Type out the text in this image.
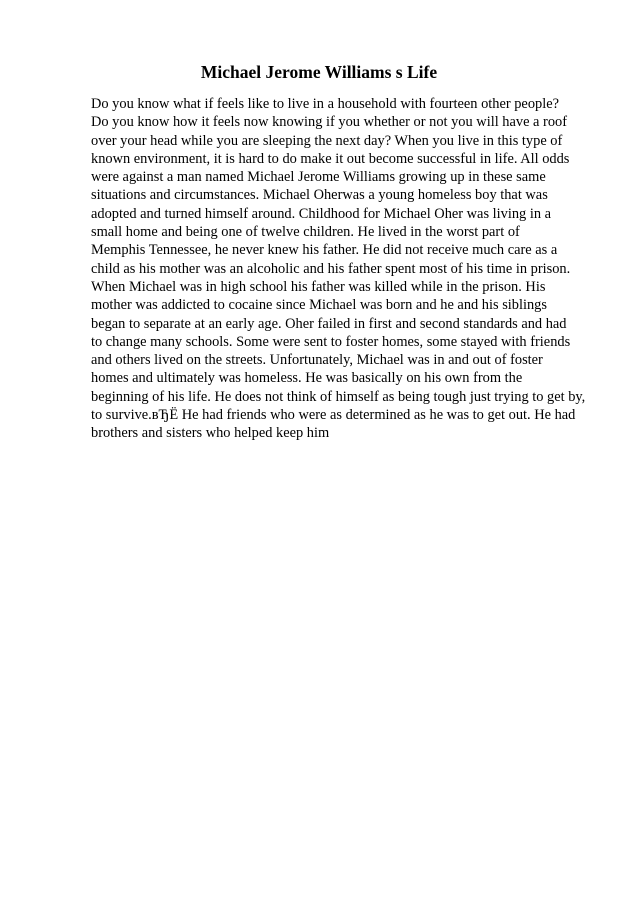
Michael Jerome Williams s Life
Do you know what if feels like to live in a household with fourteen other people?
Do you know how it feels now knowing if you whether or not you will have a roof
over your head while you are sleeping the next day? When you live in this type of
known environment, it is hard to do make it out become successful in life. All odds
were against a man named Michael Jerome Williams growing up in these same
situations and circumstances. Michael Oherwas a young homeless boy that was
adopted and turned himself around. Childhood for Michael Oher was living in a
small home and being one of twelve children. He lived in the worst part of
Memphis Tennessee, he never knew his father. He did not receive much care as a
child as his mother was an alcoholic and his father spent most of his time in prison.
When Michael was in high school his father was killed while in the prison. His
mother was addicted to cocaine since Michael was born and he and his siblings
began to separate at an early age. Oher failed in first and second standards and had
to change many schools. Some were sent to foster homes, some stayed with friends
and others lived on the streets. Unfortunately, Michael was in and out of foster
homes and ultimately was homeless. He was basically on his own from the
beginning of his life. He does not think of himself as being tough just trying to get by,
to survive.вЂЁ He had friends who were as determined as he was to get out. He had
brothers and sisters who helped keep him
